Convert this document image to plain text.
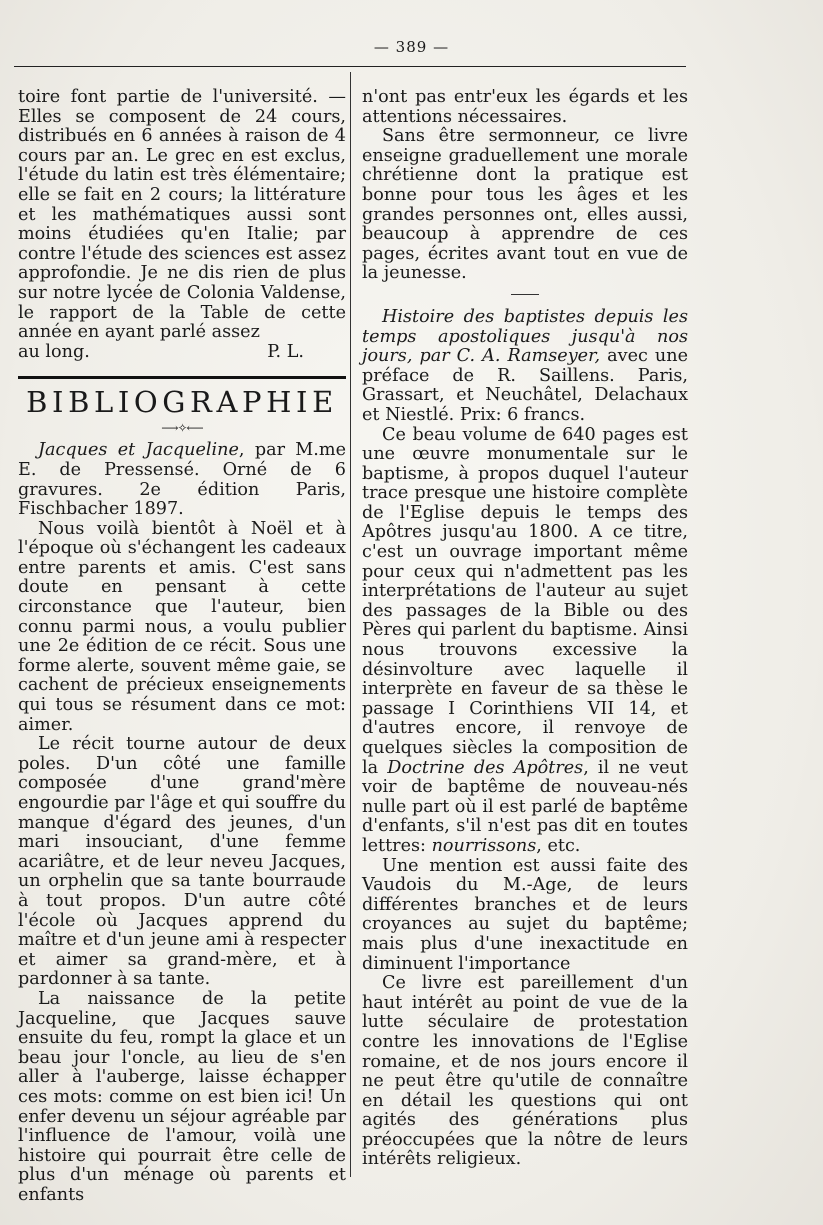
— 389 —

toire font partie de l'université. — Elles se composent de 24 cours, distribués en 6 années à raison de 4 cours par an. Le grec en est exclus, l'étude du latin est très élémentaire; elle se fait en 2 cours; la littérature et les mathématiques aussi sont moins étudiées qu'en Italie; par contre l'étude des sciences est assez approfondie. Je ne dis rien de plus sur notre lycée de Colonia Valdense, le rapport de la Table de cette année en ayant parlé assez

au long.	P. L.
BIBLIOGRAPHIE
⟶✧⟵

Jacques et Jacqueline, par M.me E. de Pressensé. Orné de 6 gravures. 2e édition Paris, Fischbacher 1897.

Nous voilà bientôt à Noël et à l'époque où s'échangent les cadeaux entre parents et amis. C'est sans doute en pensant à cette circonstance que l'auteur, bien connu parmi nous, a voulu publier une 2e édition de ce récit. Sous une forme alerte, souvent même gaie, se cachent de précieux enseignements qui tous se résument dans ce mot: aimer.

Le récit tourne autour de deux poles. D'un côté une famille composée d'une grand'mère engourdie par l'âge et qui souffre du manque d'égard des jeunes, d'un mari insouciant, d'une femme acariâtre, et de leur neveu Jacques, un orphelin que sa tante bourraude à tout propos. D'un autre côté l'école où Jacques apprend du maître et d'un jeune ami à respecter et aimer sa grand-mère, et à pardonner à sa tante.

La naissance de la petite Jacqueline, que Jacques sauve ensuite du feu, rompt la glace et un beau jour l'oncle, au lieu de s'en aller à l'auberge, laisse échapper ces mots: comme on est bien ici! Un enfer devenu un séjour agréable par l'influence de l'amour, voilà une histoire qui pourrait être celle de plus d'un ménage où parents et enfants

n'ont pas entr'eux les égards et les attentions nécessaires.

Sans être sermonneur, ce livre enseigne graduellement une morale chrétienne dont la pratique est bonne pour tous les âges et les grandes personnes ont, elles aussi, beaucoup à apprendre de ces pages, écrites avant tout en vue de la jeunesse.

Histoire des baptistes depuis les temps apostoliques jusqu'à nos jours, par C. A. Ramseyer, avec une préface de R. Saillens. Paris, Grassart, et Neuchâtel, Delachaux et Niestlé. Prix: 6 francs.

Ce beau volume de 640 pages est une œuvre monumentale sur le baptisme, à propos duquel l'auteur trace presque une histoire complète de l'Eglise depuis le temps des Apôtres jusqu'au 1800. A ce titre, c'est un ouvrage important même pour ceux qui n'admettent pas les interprétations de l'auteur au sujet des passages de la Bible ou des Pères qui parlent du baptisme. Ainsi nous trouvons excessive la désinvolture avec laquelle il interprète en faveur de sa thèse le passage I Corinthiens VII 14, et d'autres encore, il renvoye de quelques siècles la composition de la Doctrine des Apôtres, il ne veut voir de baptême de nouveau-nés nulle part où il est parlé de baptême d'enfants, s'il n'est pas dit en toutes lettres: nourrissons, etc.

Une mention est aussi faite des Vaudois du M.-Age, de leurs différentes branches et de leurs croyances au sujet du baptême; mais plus d'une inexactitude en diminuent l'importance

Ce livre est pareillement d'un haut intérêt au point de vue de la lutte séculaire de protestation contre les innovations de l'Eglise romaine, et de nos jours encore il ne peut être qu'utile de connaître en détail les questions qui ont agités des générations plus préoccupées que la nôtre de leurs intérêts religieux.
